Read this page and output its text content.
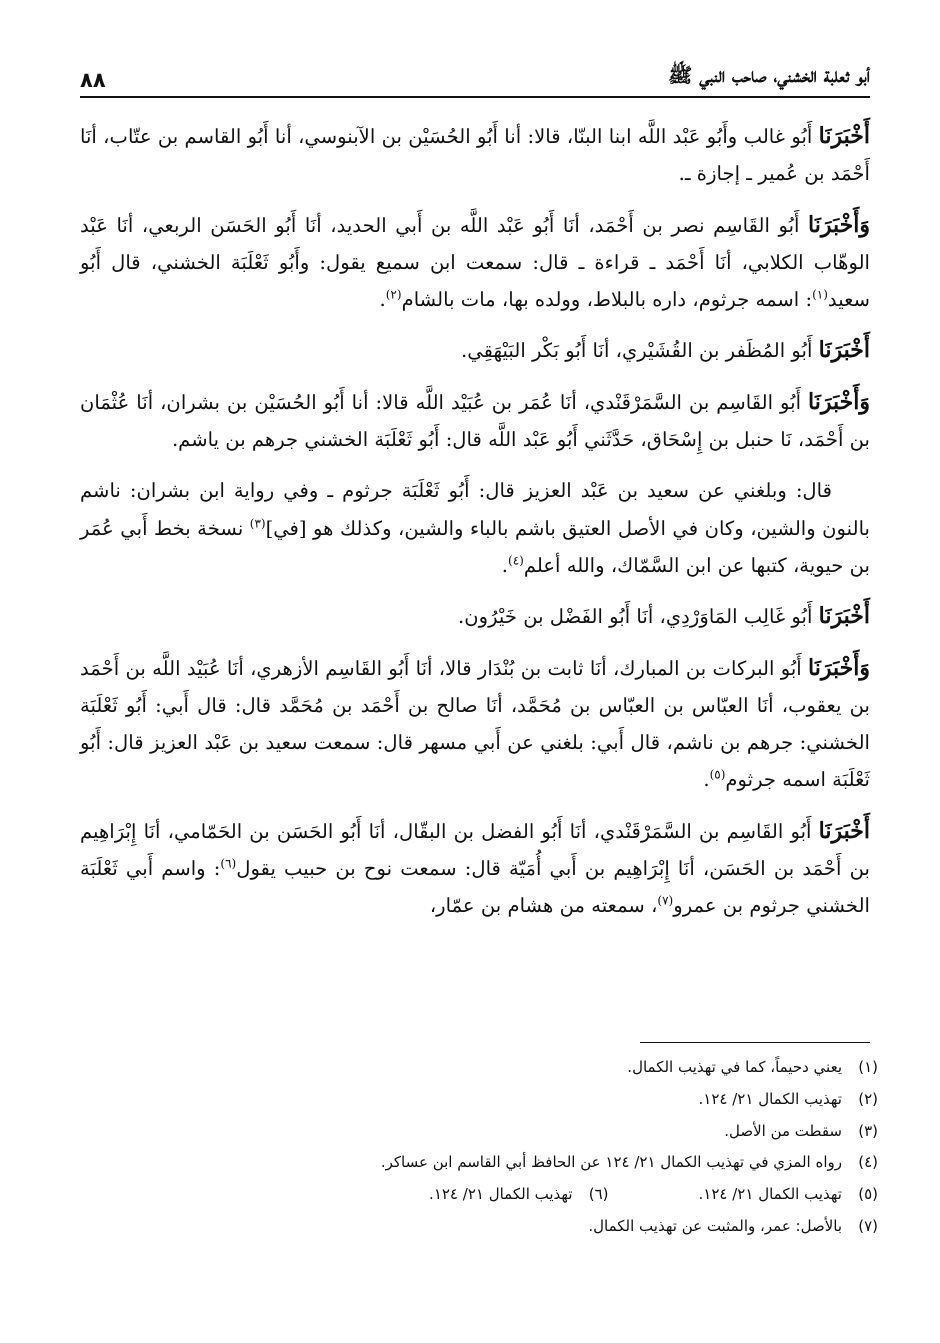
أبو ثعلبة الخشني، صاحب النبي ﷺ
٨٨

أَخْبَرَنَا أَبُو غالب وأَبُو عَبْد اللَّه ابنا البنّا، قالا: أنا أَبُو الحُسَيْن بن الآبنوسي، أنا أَبُو القاسم بن عتّاب، أنَا أَحْمَد بن عُمير ـ إجازة ـ.

وَأَخْبَرَنَا أَبُو القَاسِم نصر بن أَحْمَد، أنَا أَبُو عَبْد اللَّه بن أَبي الحديد، أنَا أَبُو الحَسَن الربعي، أنَا عَبْد الوهّاب الكلابي، أنَا أَحْمَد ـ قراءة ـ قال: سمعت ابن سميع يقول: وأَبُو ثَعْلَبَة الخشني، قال أَبُو سعيد$^{(١)}$: اسمه جرثوم، داره بالبلاط، وولده بها، مات بالشام$^{(٢)}$.

أَخْبَرَنَا أَبُو المُظَفر بن القُشَيْري، أنَا أَبُو بَكْر البَيْهَقِي.

وَأَخْبَرَنَا أَبُو القَاسِم بن السَّمَرْقَنْدي، أنَا عُمَر بن عُبَيْد اللَّه قالا: أنا أَبُو الحُسَيْن بن بشران، أنَا عُثْمَان بن أَحْمَد، نَا حنبل بن إِسْحَاق، حَدَّثَني أَبُو عَبْد اللَّه قال: أَبُو ثَعْلَبَة الخشني جرهم بن ياشم.

قال: وبلغني عن سعيد بن عَبْد العزيز قال: أَبُو ثَعْلَبَة جرثوم ـ وفي رواية ابن بشران: ناشم بالنون والشين، وكان في الأصل العتيق باشم بالباء والشين، وكذلك هو [في]$^{(٣)}$ نسخة بخط أَبي عُمَر بن حيوية، كتبها عن ابن السَّمّاك، والله أعلم$^{(٤)}$.

أَخْبَرَنَا أَبُو غَالِب المَاوَرْدِي، أنَا أَبُو الفَضْل بن خَيْرُون.

وَأَخْبَرَنَا أَبُو البركات بن المبارك، أنَا ثابت بن بُنْدَار قالا، أنَا أَبُو القَاسِم الأزهري، أنَا عُبَيْد اللَّه بن أَحْمَد بن يعقوب، أنَا العبّاس بن العبّاس بن مُحَمَّد، أنَا صالح بن أَحْمَد بن مُحَمَّد قال: قال أَبي: أَبُو ثَعْلَبَة الخشني: جرهم بن ناشم، قال أَبي: بلغني عن أَبي مسهر قال: سمعت سعيد بن عَبْد العزيز قال: أَبُو ثَعْلَبَة اسمه جرثوم$^{(٥)}$.

أَخْبَرَنَا أَبُو القَاسِم بن السَّمَرْقَنْدي، أنَا أَبُو الفضل بن البقّال، أنَا أَبُو الحَسَن بن الحَمّامي، أنَا إِبْرَاهِيم بن أَحْمَد بن الحَسَن، أنَا إِبْرَاهِيم بن أَبي أُمَيّة قال: سمعت نوح بن حبيب يقول$^{(٦)}$: واسم أَبي ثَعْلَبَة الخشني جرثوم بن عمرو$^{(٧)}$، سمعته من هشام بن عمّار،

(١)
يعني دحيماً، كما في تهذيب الكمال.
(٢)
تهذيب الكمال ٢١/ ١٢٤.
(٣)
سقطت من الأصل.
(٤)
رواه المزي في تهذيب الكمال ٢١/ ١٢٤ عن الحافظ أبي القاسم ابن عساكر.
(٥)
تهذيب الكمال ٢١/ ١٢٤.
(٦)
تهذيب الكمال ٢١/ ١٢٤.
(٧)
بالأصل: عمر، والمثبت عن تهذيب الكمال.
